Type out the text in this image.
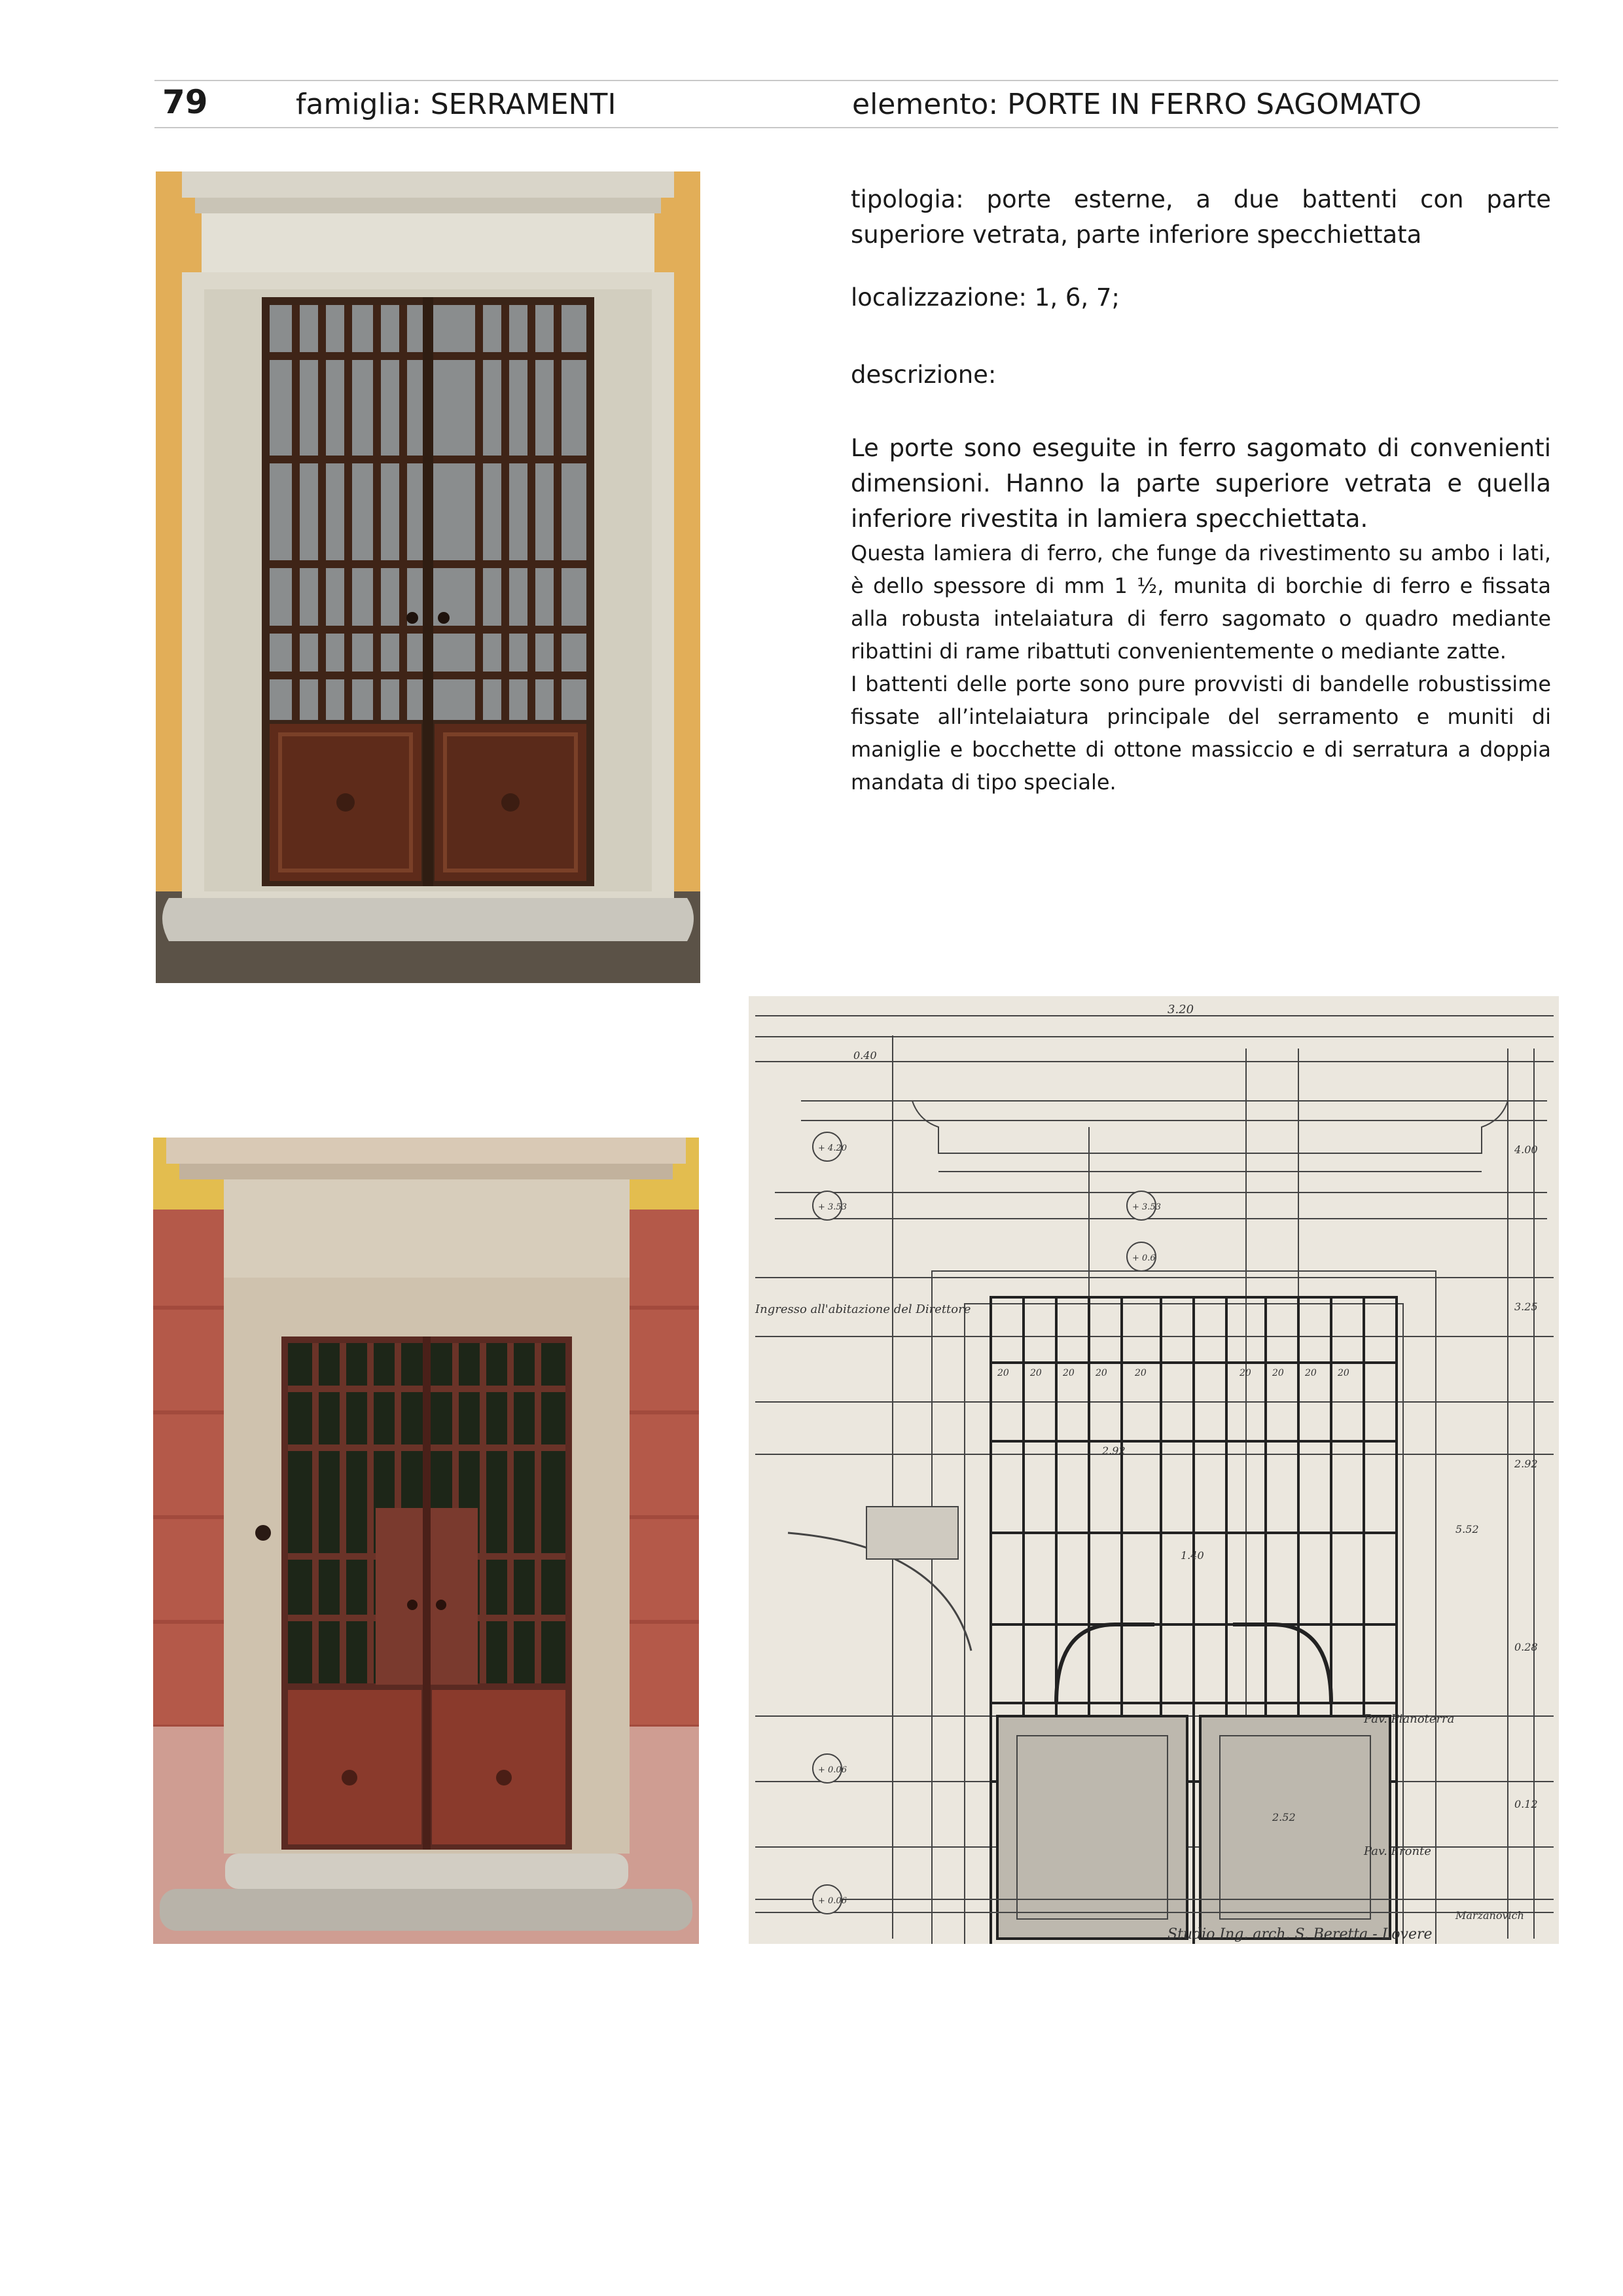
79	famiglia: SERRAMENTI	elemento: PORTE IN FERRO SAGOMATO

tipologia: porte esterne, a due battenti con parte superiore vetrata, parte inferiore specchiettata

localizzazione: 1, 6, 7;

descrizione:

Le porte sono eseguite in ferro sagomato di convenienti dimensioni. Hanno la parte superiore vetrata e quella inferiore rivestita in lamiera specchiettata.

Questa lamiera di ferro, che funge da rivestimento su ambo i lati, è dello spessore di mm 1 ½, munita di borchie di ferro e fissata alla robusta intelaiatura di ferro sagomato o quadro mediante ribattini di rame ribattuti convenientemente o mediante zatte.

I battenti delle porte sono pure provvisti di bandelle robustissime fissate all’intelaiatura principale del serramento e muniti di maniglie e bocchette di ottone massiccio e di serratura a doppia mandata di tipo speciale.

3.20
0.40
+ 4.20
+ 3.53	+ 3.53
+ 0.6
+ 0.06
+ 0.06
Ingresso all'abitazione del Direttore
Pav. Pianoterra
Pav. Fronte
Studio Ing. arch. S. Beretta - Lovere
Marzanovich
4.00
3.25
2.92
5.52
0.28
0.12
20 20 20 20	20	20 20 20 20
2.92
1.40
2.52
